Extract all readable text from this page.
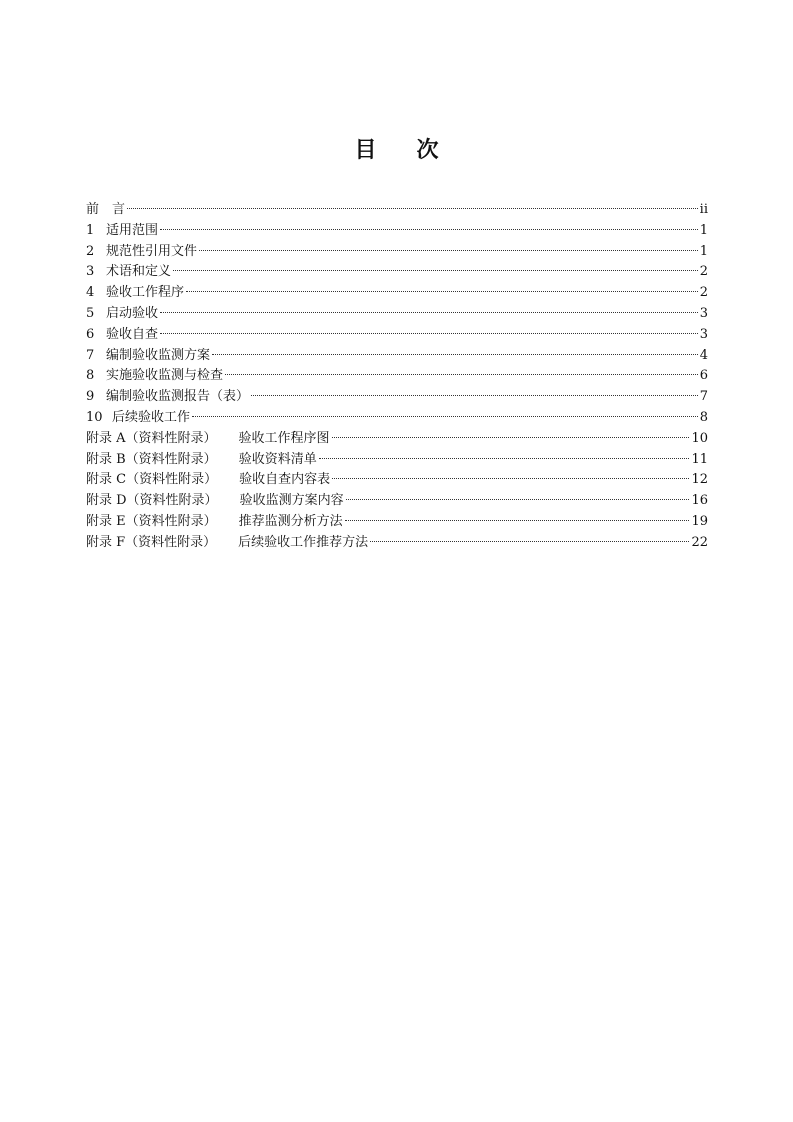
目 次
前　言	ii
1 适用范围	1
2 规范性引用文件	1
3 术语和定义	2
4 验收工作程序	2
5 启动验收	3
6 验收自查	3
7 编制验收监测方案	4
8 实施验收监测与检查	6
9 编制验收监测报告（表）	7
10 后续验收工作	8
附录 A（资料性附录） 验收工作程序图	10
附录 B（资料性附录） 验收资料清单	11
附录 C（资料性附录） 验收自查内容表	12
附录 D（资料性附录） 验收监测方案内容	16
附录 E（资料性附录） 推荐监测分析方法	19
附录 F（资料性附录） 后续验收工作推荐方法	22
